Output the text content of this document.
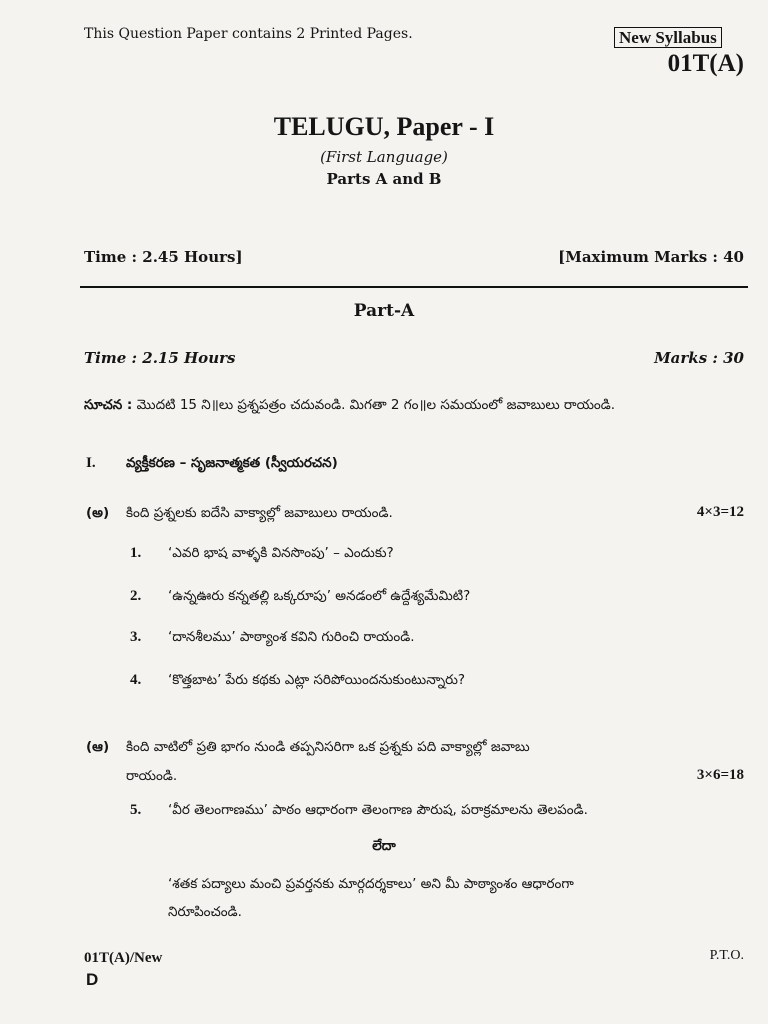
This Question Paper contains 2 Printed Pages.	New Syllabus
01T(A)
TELUGU, Paper - I
(First Language)
Parts A and B
Time : 2.45 Hours]	[Maximum Marks : 40
Part-A
Time : 2.15 Hours	Marks : 30
సూచన : మొదటి 15 ని॥లు ప్రశ్నపత్రం చదువండి. మిగతా 2 గం॥ల సమయంలో జవాబులు రాయండి.
I. వ్యక్తీకరణ – సృజనాత్మకత (స్వీయరచన)
(అ) కింది ప్రశ్నలకు ఐదేసి వాక్యాల్లో జవాబులు రాయండి.	4×3=12
1. ‘ఎవరి భాష వాళ్ళకి వినసొంపు’ – ఎందుకు?
2. ‘ఉన్నఊరు కన్నతల్లి ఒక్కరూపు’ అనడంలో ఉద్దేశ్యమేమిటి?
3. ‘దానశీలము’ పాఠ్యాంశ కవిని గురించి రాయండి.
4. ‘కొత్తబాట’ పేరు కథకు ఎట్లా సరిపోయిందనుకుంటున్నారు?
(ఆ) కింది వాటిలో ప్రతి భాగం నుండి తప్పనిసరిగా ఒక ప్రశ్నకు పది వాక్యాల్లో జవాబు
రాయండి.	3×6=18
5. ‘వీర తెలంగాణము’ పాఠం ఆధారంగా తెలంగాణ పౌరుష, పరాక్రమాలను తెలపండి.
లేదా
‘శతక పద్యాలు మంచి ప్రవర్తనకు మార్గదర్శకాలు’ అని మీ పాఠ్యాంశం ఆధారంగా
నిరూపించండి.
01T(A)/New
D
P.T.O.
